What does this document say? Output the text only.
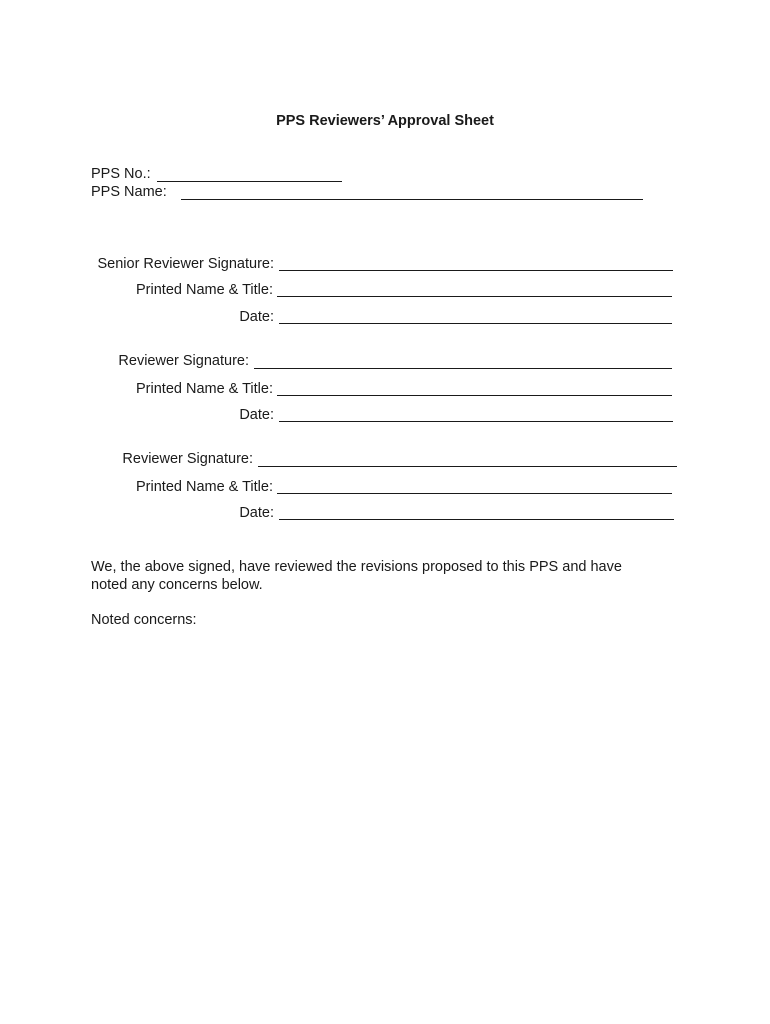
PPS Reviewers’ Approval Sheet
PPS No.:
PPS Name:
Senior Reviewer Signature:
Printed Name & Title:
Date:
Reviewer Signature:
Printed Name & Title:
Date:
Reviewer Signature:
Printed Name & Title:
Date:
We, the above signed, have reviewed the revisions proposed to this PPS and have noted any concerns below.
Noted concerns:
